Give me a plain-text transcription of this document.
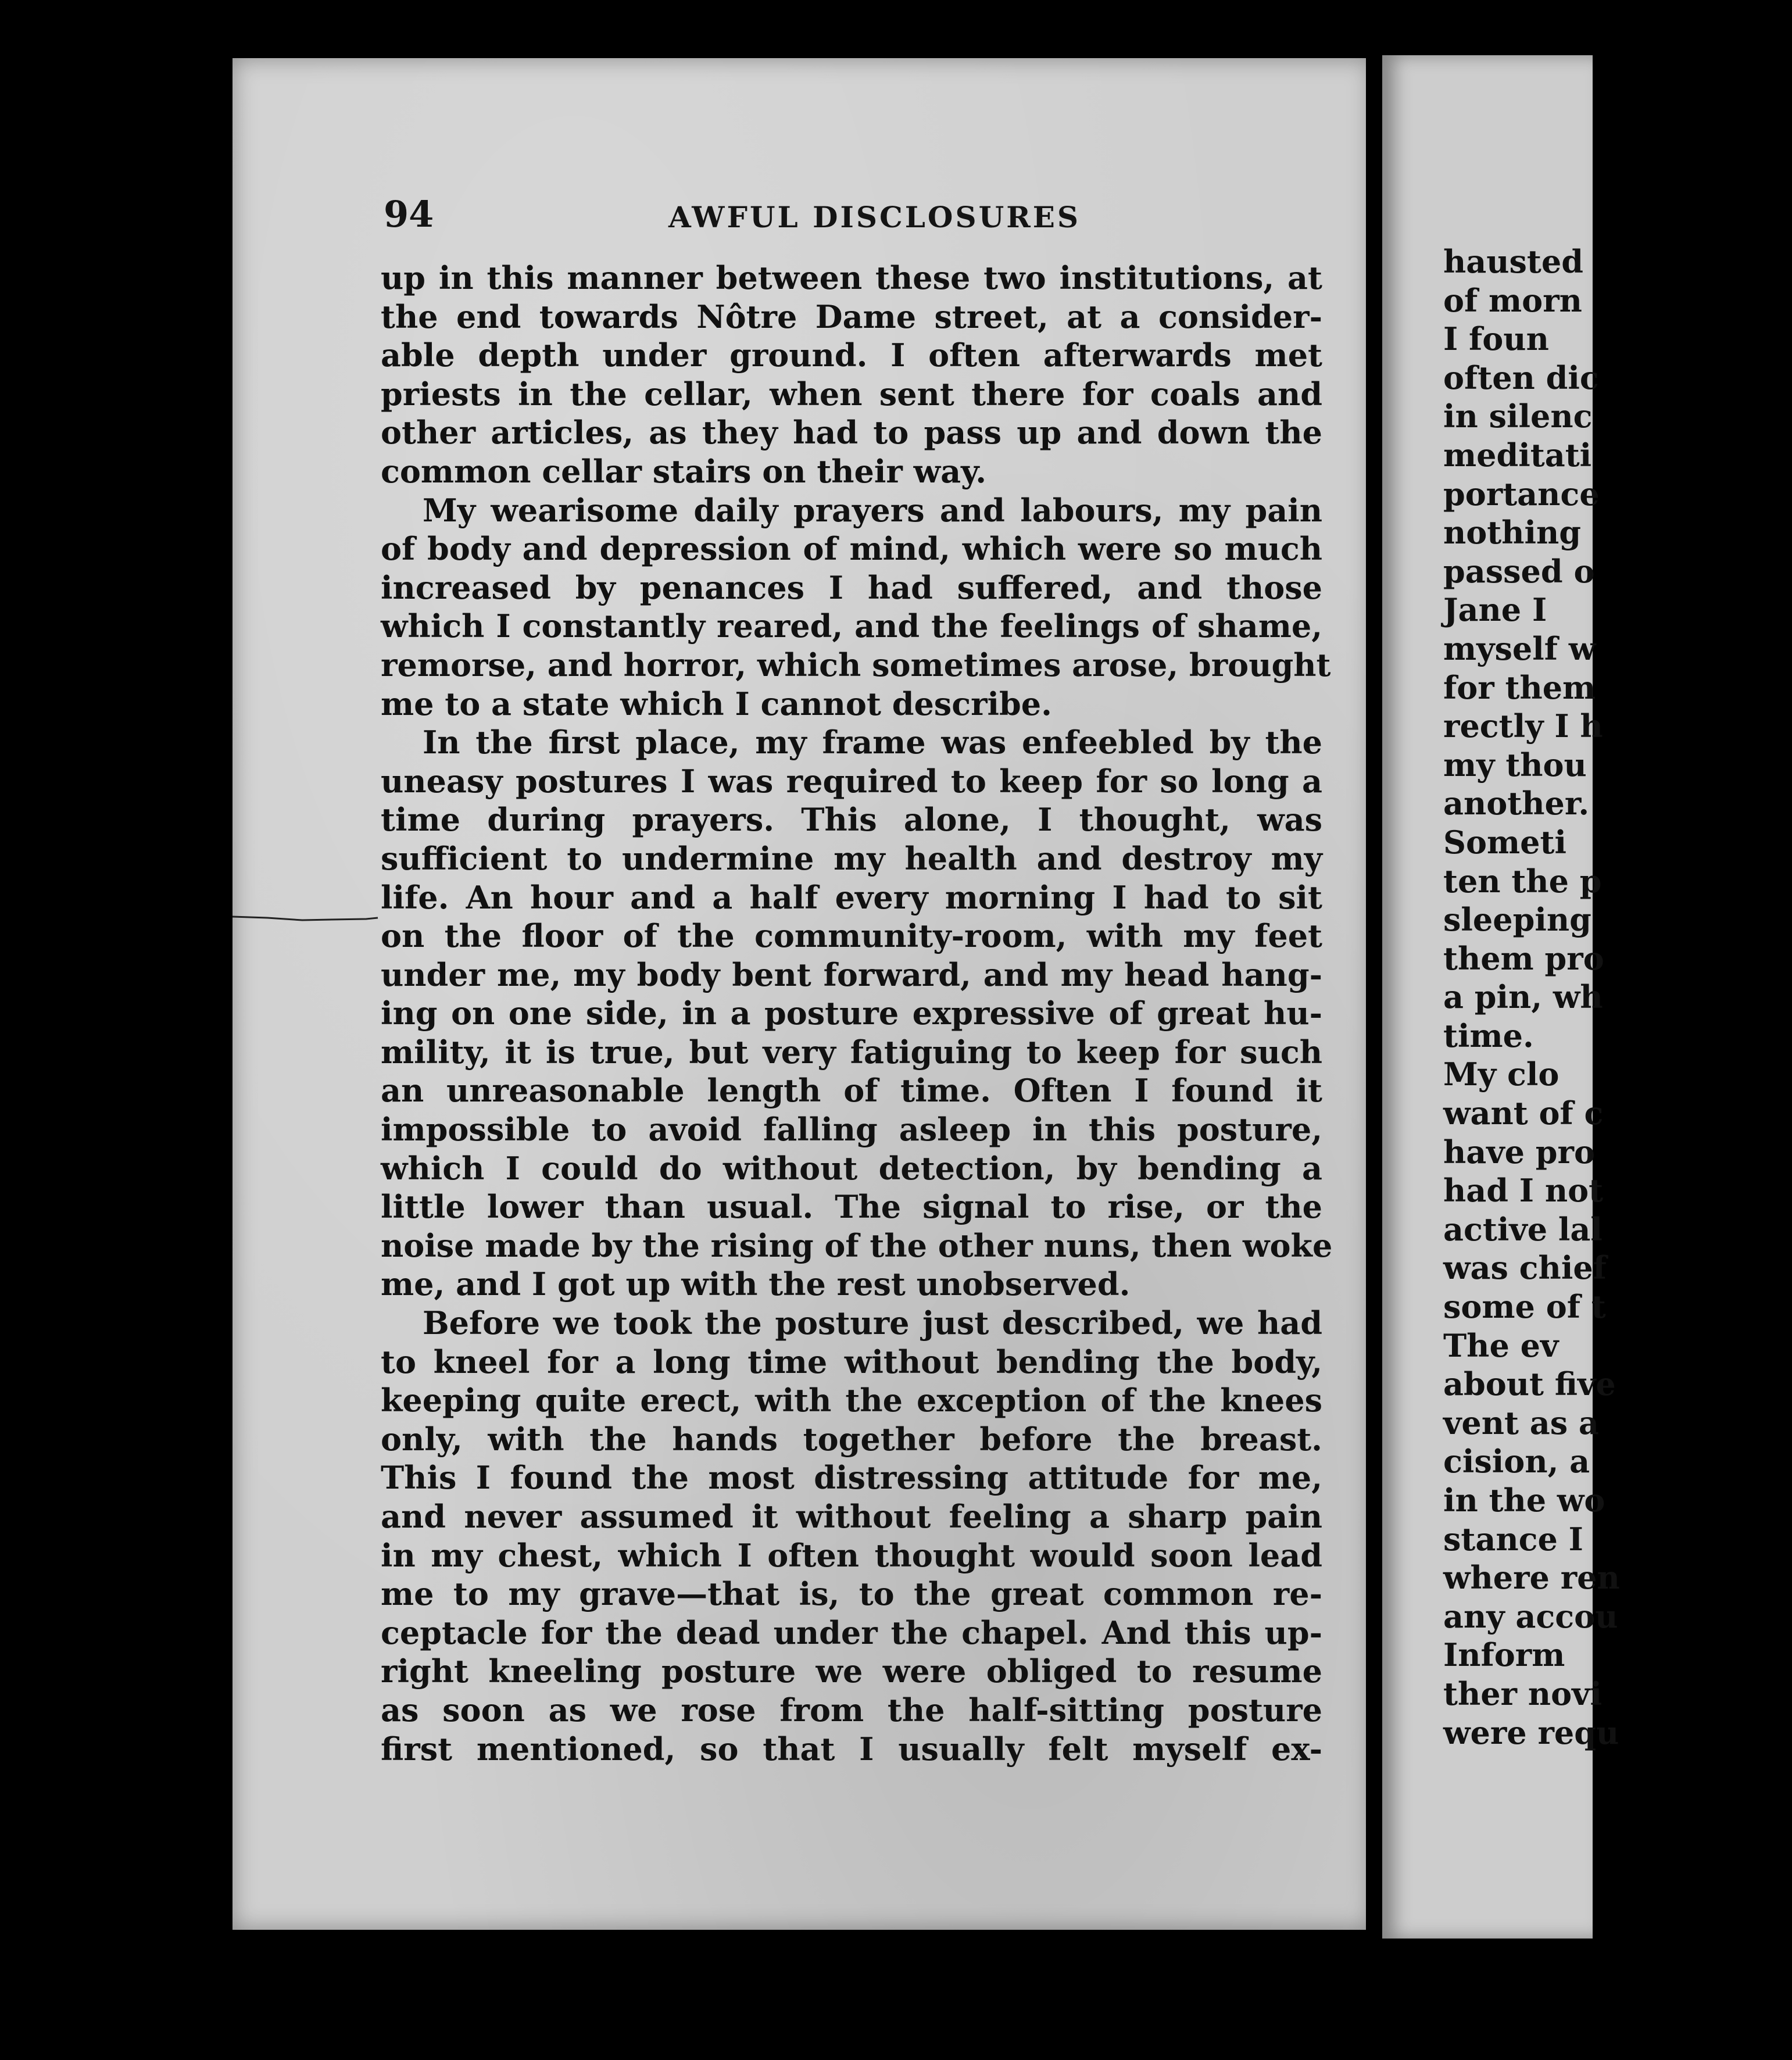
94	AWFUL DISCLOSURES
up in this manner between these two institutions, at
the end towards Nôtre Dame street, at a consider-
able depth under ground. I often afterwards met
priests in the cellar, when sent there for coals and
other articles, as they had to pass up and down the
common cellar stairs on their way.
My wearisome daily prayers and labours, my pain
of body and depression of mind, which were so much
increased by penances I had suffered, and those
which I constantly reared, and the feelings of shame,
remorse, and horror, which sometimes arose, brought
me to a state which I cannot describe.
In the first place, my frame was enfeebled by the
uneasy postures I was required to keep for so long a
time during prayers. This alone, I thought, was
sufficient to undermine my health and destroy my
life. An hour and a half every morning I had to sit
on the floor of the community-room, with my feet
under me, my body bent forward, and my head hang-
ing on one side, in a posture expressive of great hu-
mility, it is true, but very fatiguing to keep for such
an unreasonable length of time. Often I found it
impossible to avoid falling asleep in this posture,
which I could do without detection, by bending a
little lower than usual. The signal to rise, or the
noise made by the rising of the other nuns, then woke
me, and I got up with the rest unobserved.
Before we took the posture just described, we had
to kneel for a long time without bending the body,
keeping quite erect, with the exception of the knees
only, with the hands together before the breast.
This I found the most distressing attitude for me,
and never assumed it without feeling a sharp pain
in my chest, which I often thought would soon lead
me to my grave—that is, to the great common re-
ceptacle for the dead under the chapel. And this up-
right kneeling posture we were obliged to resume
as soon as we rose from the half-sitting posture
first mentioned, so that I usually felt myself ex-
hausted
of morn
I foun
often dic
in silenc
meditati
portance
nothing
passed o
Jane I
myself w
for them
rectly I h
my thou
another.
Someti
ten the p
sleeping
them pro
a pin, wh
time.
My clo
want of c
have pro
had I not
active lal
was chief
some of t
The ev
about five
vent as a
cision, a
in the wo
stance I
where ren
any accou
Inform
ther novi
were requ
